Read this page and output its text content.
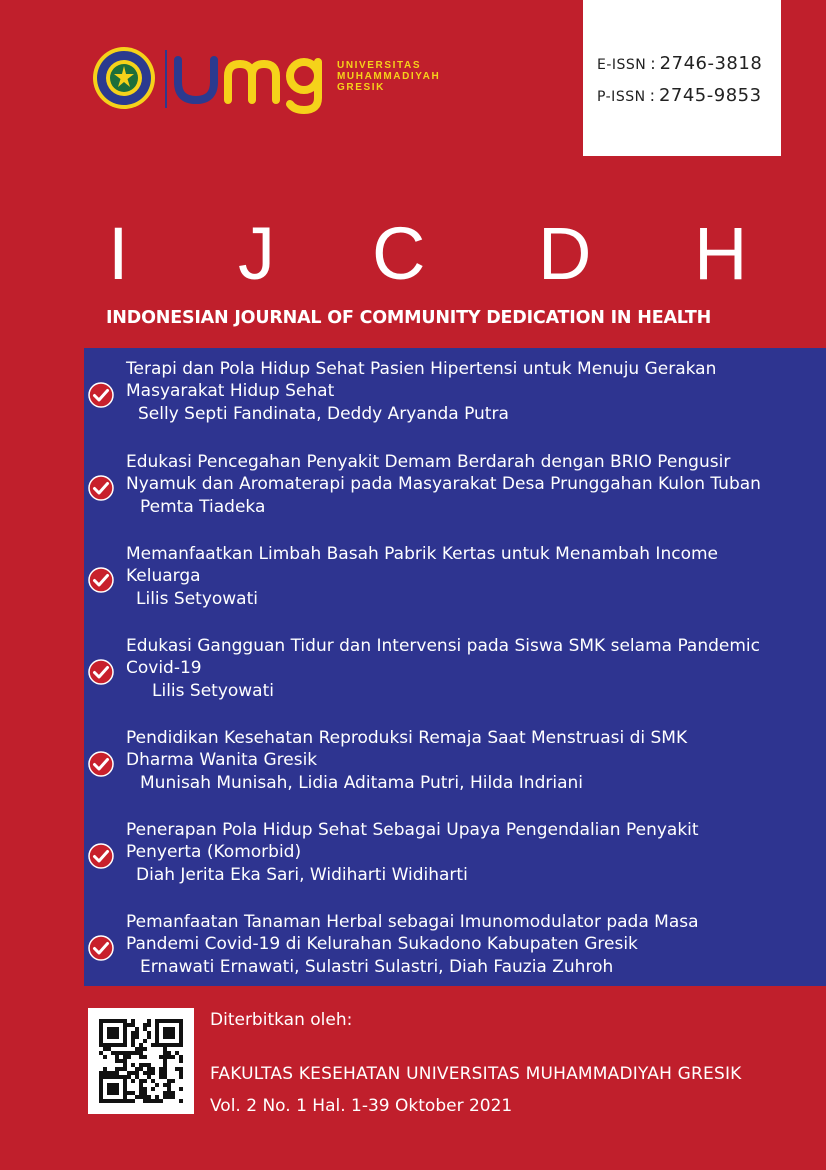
UNIVERSITAS
MUHAMMADIYAH
GRESIK
E-ISSN : 2746-3818
P-ISSN : 2745-9853
I J C D H
INDONESIAN JOURNAL OF COMMUNITY DEDICATION IN HEALTH
Terapi dan Pola Hidup Sehat Pasien Hipertensi untuk Menuju Gerakan
Masyarakat Hidup Sehat
Selly Septi Fandinata, Deddy Aryanda Putra
Edukasi Pencegahan Penyakit Demam Berdarah dengan BRIO Pengusir
Nyamuk dan Aromaterapi pada Masyarakat Desa Prunggahan Kulon Tuban
Pemta Tiadeka
Memanfaatkan Limbah Basah Pabrik Kertas untuk Menambah Income
Keluarga
Lilis Setyowati
Edukasi Gangguan Tidur dan Intervensi pada Siswa SMK selama Pandemic
Covid-19
Lilis Setyowati
Pendidikan Kesehatan Reproduksi Remaja Saat Menstruasi di SMK
Dharma Wanita Gresik
Munisah Munisah, Lidia Aditama Putri, Hilda Indriani
Penerapan Pola Hidup Sehat Sebagai Upaya Pengendalian Penyakit
Penyerta (Komorbid)
Diah Jerita Eka Sari, Widiharti Widiharti
Pemanfaatan Tanaman Herbal sebagai Imunomodulator pada Masa
Pandemi Covid-19 di Kelurahan Sukadono Kabupaten Gresik
Ernawati Ernawati, Sulastri Sulastri, Diah Fauzia Zuhroh
Diterbitkan oleh:
FAKULTAS KESEHATAN UNIVERSITAS MUHAMMADIYAH GRESIK
Vol. 2 No. 1 Hal. 1-39 Oktober 2021
